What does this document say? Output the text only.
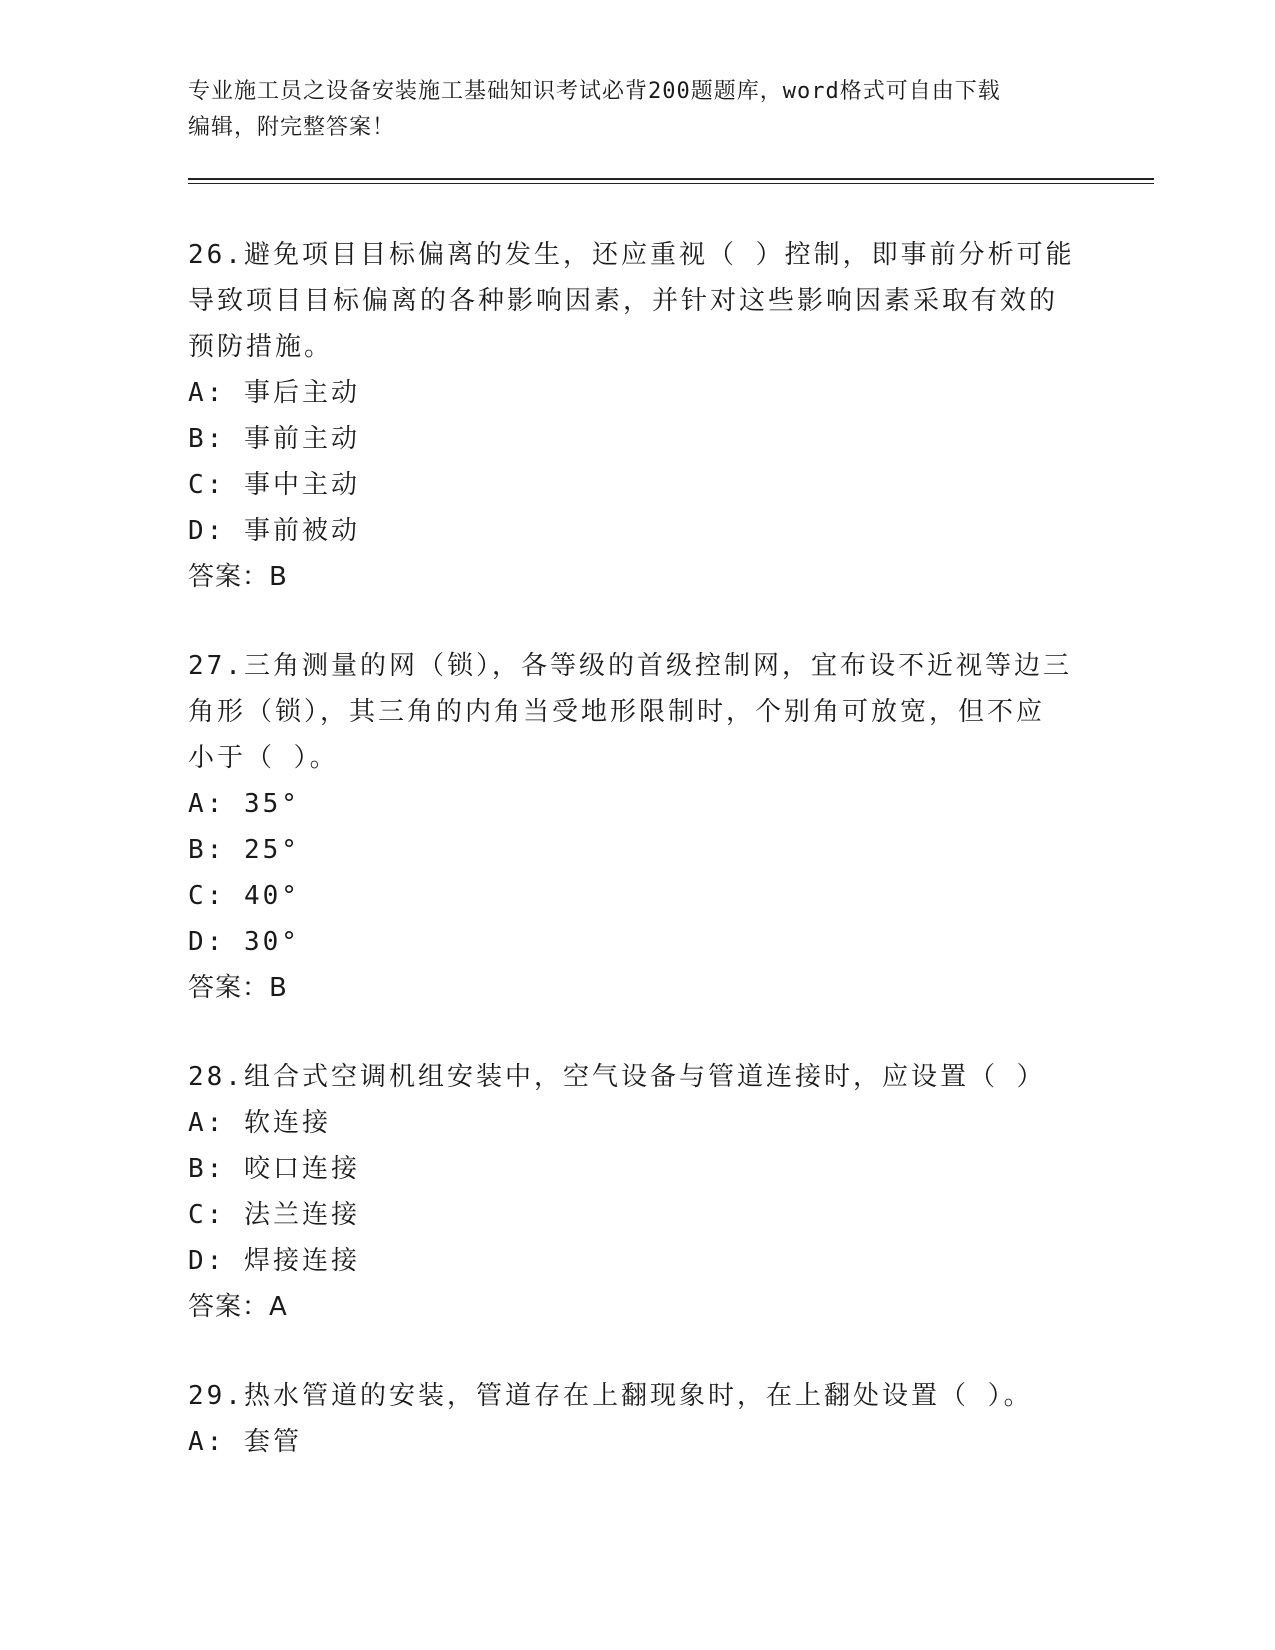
专业施工员之设备安装施工基础知识考试必背200题题库，word格式可自由下载
编辑，附完整答案！
26.避免项目目标偏离的发生，还应重视（ ）控制，即事前分析可能
导致项目目标偏离的各种影响因素，并针对这些影响因素采取有效的
预防措施。
A: 事后主动
B: 事前主动
C: 事中主动
D: 事前被动
答案：B
27.三角测量的网（锁），各等级的首级控制网，宜布设不近视等边三
角形（锁），其三角的内角当受地形限制时，个别角可放宽，但不应
小于（ ）。
A: 35°
B: 25°
C: 40°
D: 30°
答案：B
28.组合式空调机组安装中，空气设备与管道连接时，应设置（ ）
A: 软连接
B: 咬口连接
C: 法兰连接
D: 焊接连接
答案：A
29.热水管道的安装，管道存在上翻现象时，在上翻处设置（ ）。
A: 套管
